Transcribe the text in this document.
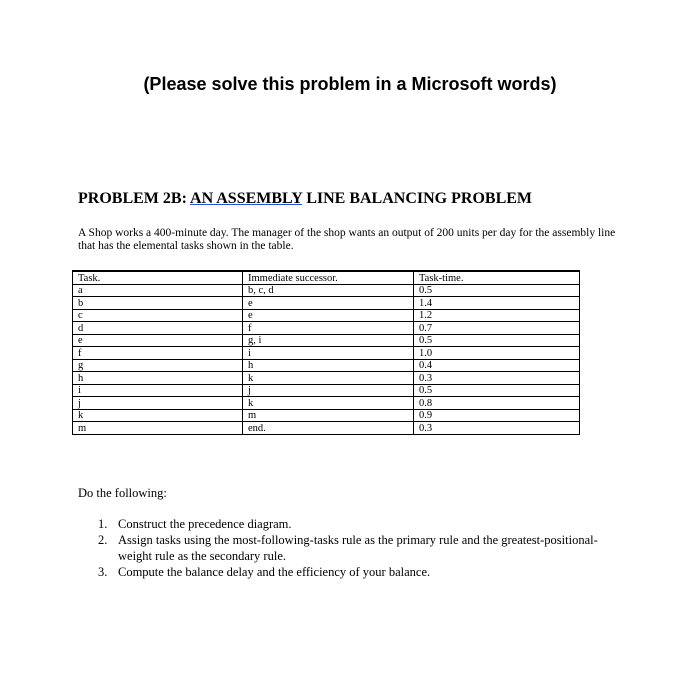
(Please solve this problem in a Microsoft words)
PROBLEM 2B: AN ASSEMBLY LINE BALANCING PROBLEM
A Shop works a 400-minute day. The manager of the shop wants an output of 200 units per day for the assembly line that has the elemental tasks shown in the table.
Task.	Immediate successor.	Task-time.
a	b, c, d	0.5
b	e	1.4
c	e	1.2
d	f	0.7
e	g, i	0.5
f	i	1.0
g	h	0.4
h	k	0.3
i	j	0.5
j	k	0.8
k	m	0.9
m	end.	0.3
Do the following:
1. Construct the precedence diagram.
2. Assign tasks using the most-following-tasks rule as the primary rule and the greatest-positional-weight rule as the secondary rule.
3. Compute the balance delay and the efficiency of your balance.
